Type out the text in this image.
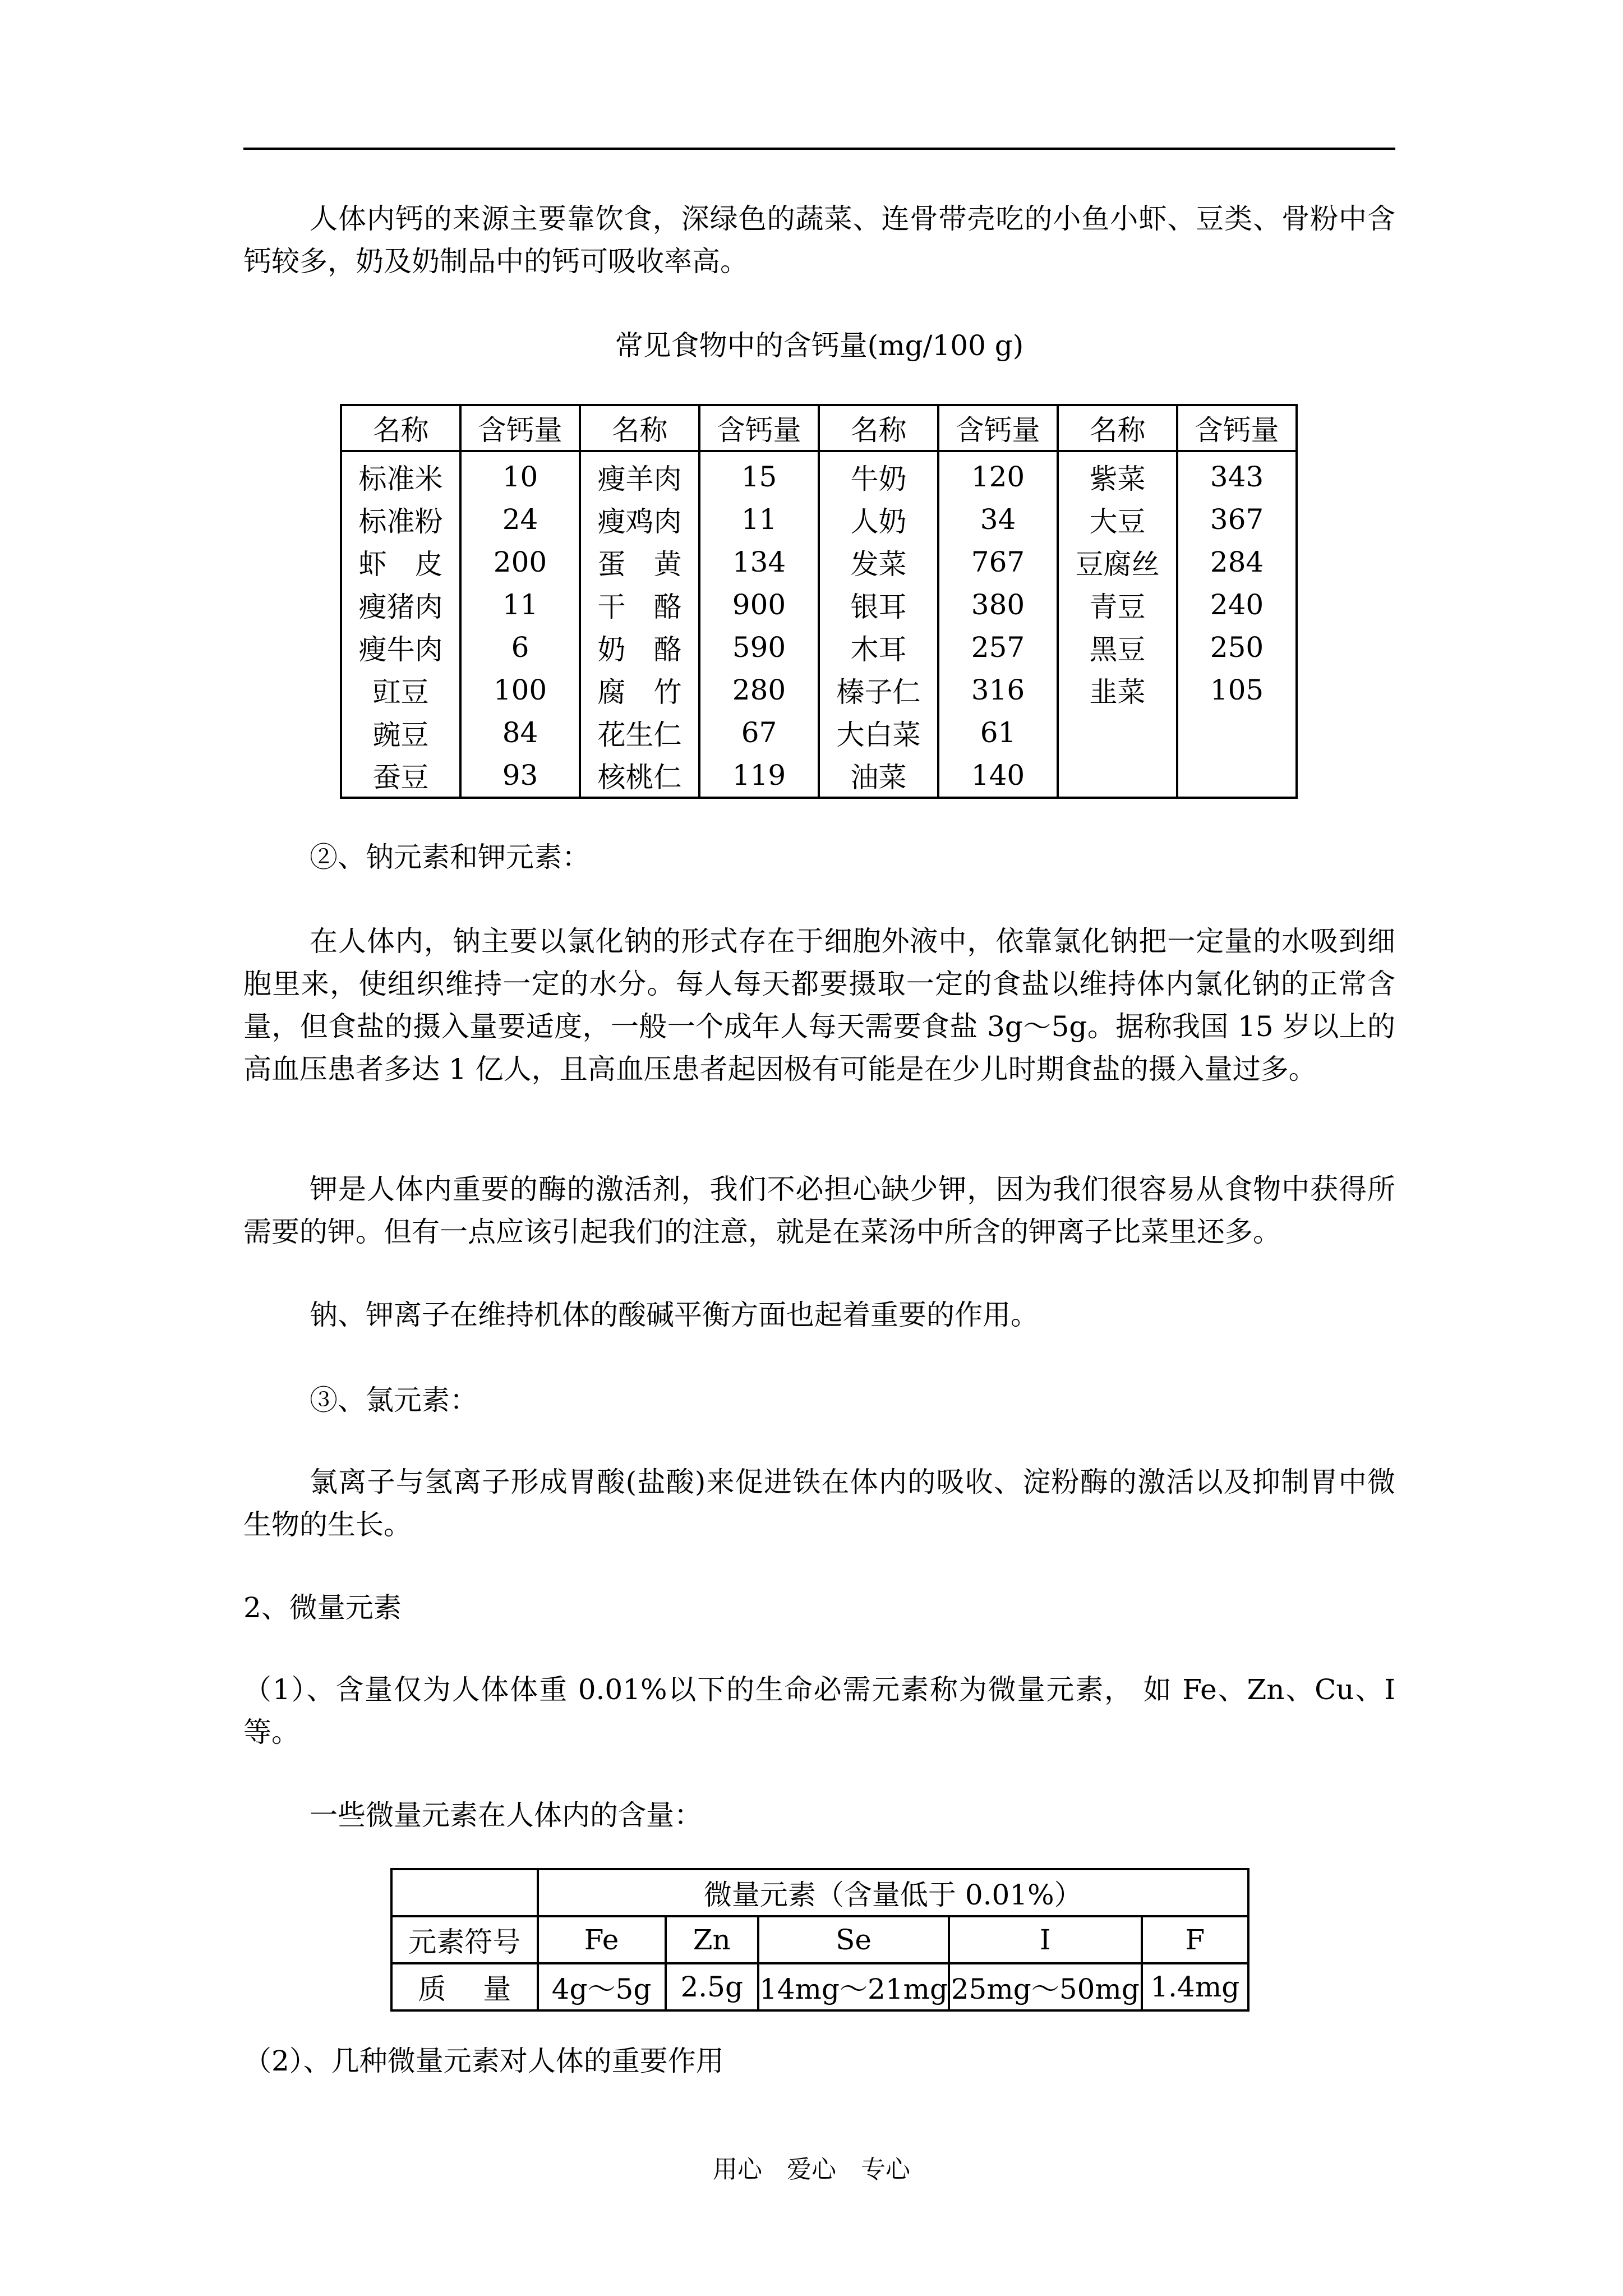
人体内钙的来源主要靠饮食，深绿色的蔬菜、连骨带壳吃的小鱼小虾、豆类、骨粉中含钙较多，奶及奶制品中的钙可吸收率高。

常见食物中的含钙量(mg/100 g)
名称	含钙量	名称	含钙量	名称	含钙量	名称	含钙量
标准米	10	瘦羊肉	15	牛奶	120	紫菜	343
标准粉	24	瘦鸡肉	11	人奶	34	大豆	367
虾　皮	200	蛋　黄	134	发菜	767	豆腐丝	284
瘦猪肉	11	干　酪	900	银耳	380	青豆	240
瘦牛肉	6	奶　酪	590	木耳	257	黑豆	250
豇豆	100	腐　竹	280	榛子仁	316	韭菜	105
豌豆	84	花生仁	67	大白菜	61		
蚕豆	93	核桃仁	119	油菜	140		
②、钠元素和钾元素：

在人体内，钠主要以氯化钠的形式存在于细胞外液中，依靠氯化钠把一定量的水吸到细胞里来，使组织维持一定的水分。每人每天都要摄取一定的食盐以维持体内氯化钠的正常含量，但食盐的摄入量要适度，一般一个成年人每天需要食盐 3g～5g。据称我国 15 岁以上的高血压患者多达 1 亿人，且高血压患者起因极有可能是在少儿时期食盐的摄入量过多。

钾是人体内重要的酶的激活剂，我们不必担心缺少钾，因为我们很容易从食物中获得所需要的钾。但有一点应该引起我们的注意，就是在菜汤中所含的钾离子比菜里还多。

钠、钾离子在维持机体的酸碱平衡方面也起着重要的作用。
③、氯元素：

氯离子与氢离子形成胃酸(盐酸)来促进铁在体内的吸收、淀粉酶的激活以及抑制胃中微生物的生长。

2、微量元素

（1）、含量仅为人体体重 0.01%以下的生命必需元素称为微量元素， 如 Fe、Zn、Cu、I 等。

一些微量元素在人体内的含量：
	微量元素（含量低于 0.01%）				
元素符号	Fe	Zn	Se	I	F
质　 量	4g～5g	2.5g	14mg～21mg	25mg～50mg	1.4mg
（2）、几种微量元素对人体的重要作用
用心　爱心　专心
